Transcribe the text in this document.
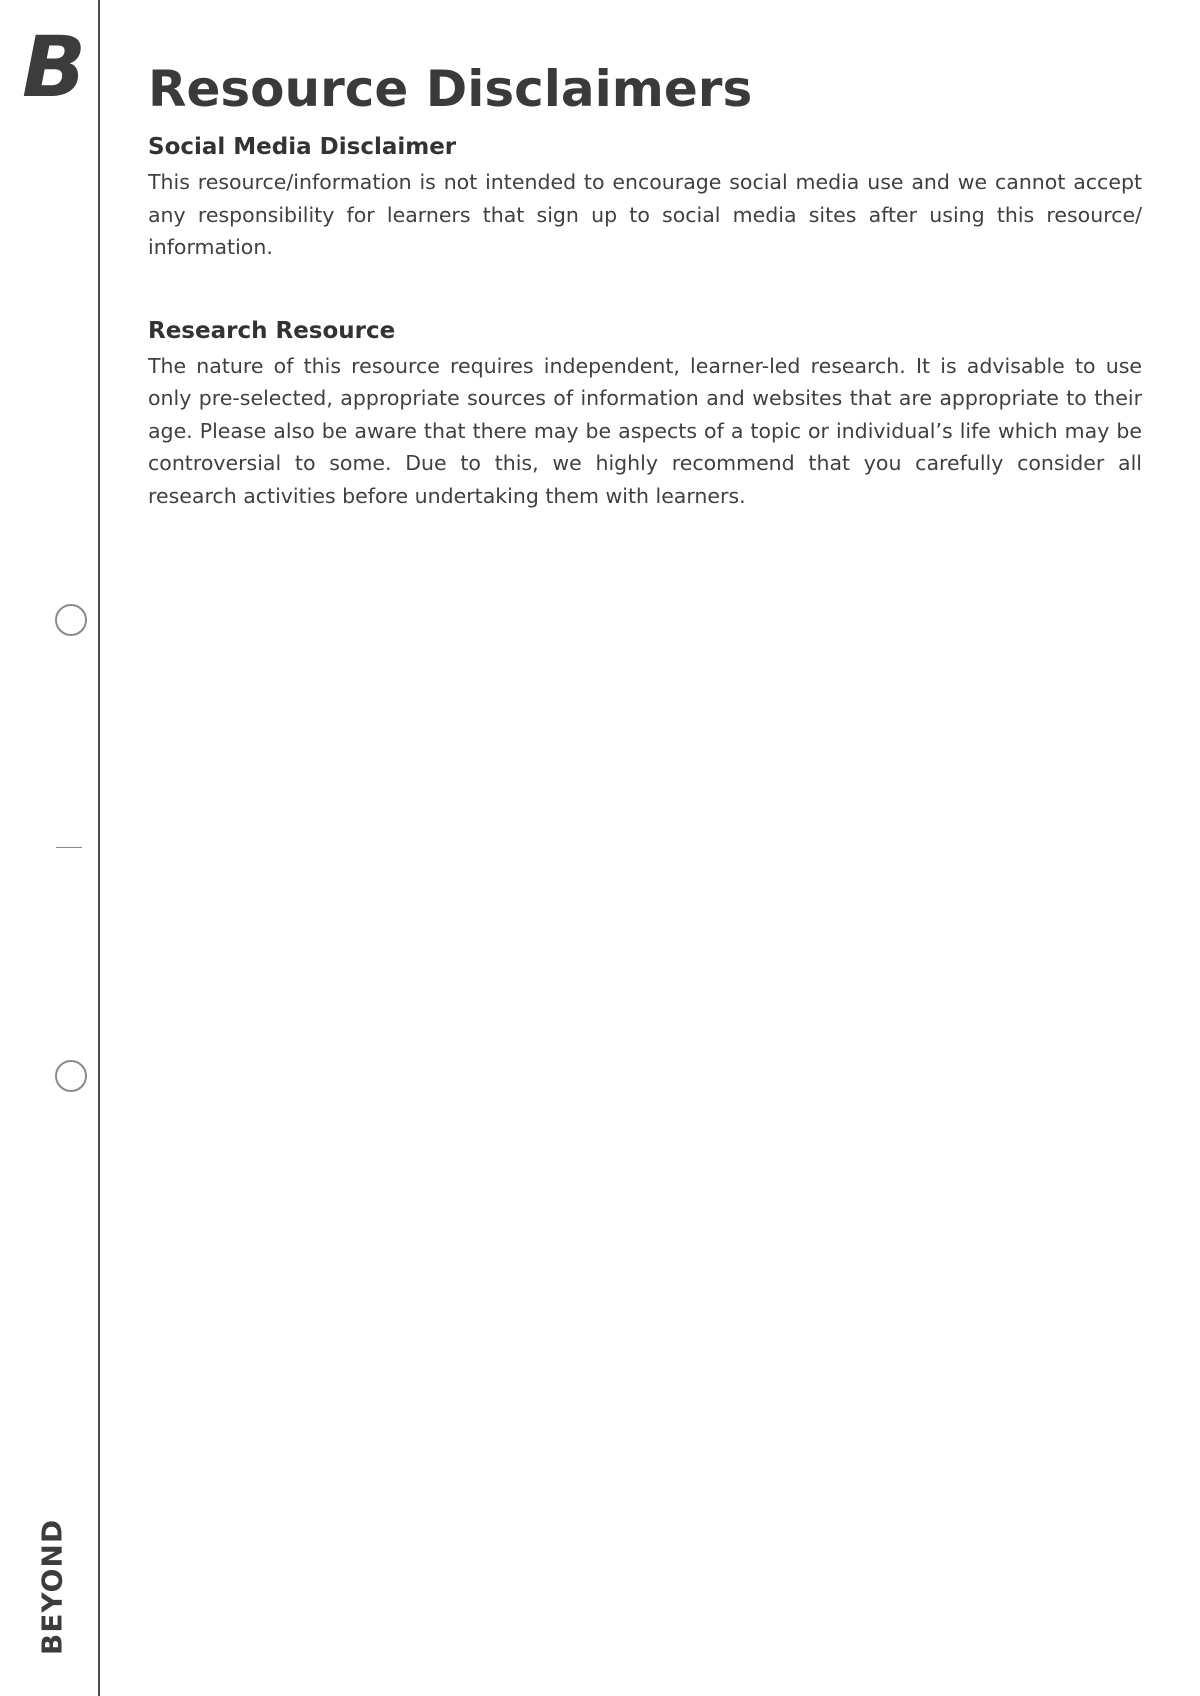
B
BEYOND
Resource Disclaimers
Social Media Disclaimer

This resource/information is not intended to encourage social media use and we cannot accept any responsibility for learners that sign up to social media sites after using this resource/ information.

Research Resource

The nature of this resource requires independent, learner-led research. It is advisable to use only pre-selected, appropriate sources of information and websites that are appropriate to their age. Please also be aware that there may be aspects of a topic or individual’s life which may be controversial to some. Due to this, we highly recommend that you carefully consider all research activities before undertaking them with learners.
